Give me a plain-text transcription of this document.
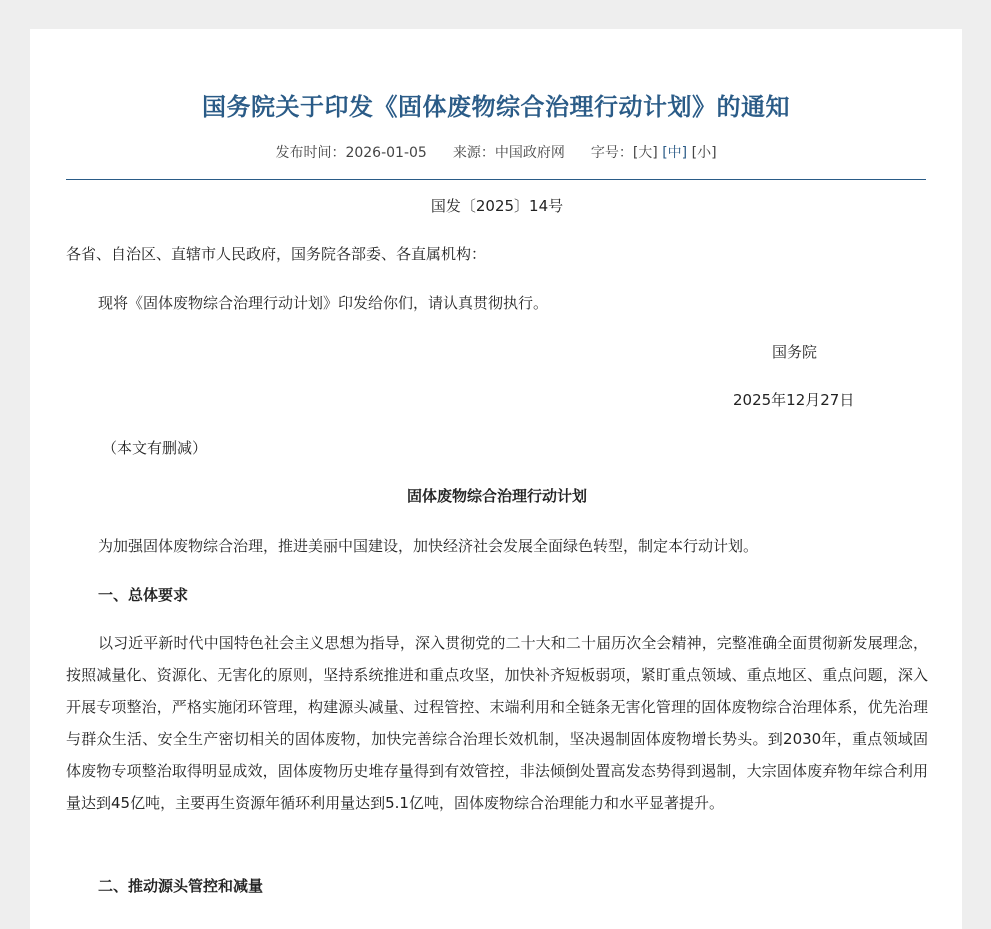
国务院关于印发《固体废物综合治理行动计划》的通知
发布时间：2026-01-05 来源：中国政府网 字号：[大] [中] [小]
国发〔2025〕14号
各省、自治区、直辖市人民政府，国务院各部委、各直属机构：
现将《固体废物综合治理行动计划》印发给你们，请认真贯彻执行。
国务院
2025年12月27日
（本文有删减）
固体废物综合治理行动计划
为加强固体废物综合治理，推进美丽中国建设，加快经济社会发展全面绿色转型，制定本行动计划。
一、总体要求
以习近平新时代中国特色社会主义思想为指导，深入贯彻党的二十大和二十届历次全会精神，完整准确全面贯彻新发展理念，按照减量化、资源化、无害化的原则，坚持系统推进和重点攻坚，加快补齐短板弱项，紧盯重点领域、重点地区、重点问题，深入开展专项整治，严格实施闭环管理，构建源头减量、过程管控、末端利用和全链条无害化管理的固体废物综合治理体系，优先治理与群众生活、安全生产密切相关的固体废物，加快完善综合治理长效机制，坚决遏制固体废物增长势头。到2030年，重点领域固体废物专项整治取得明显成效，固体废物历史堆存量得到有效管控，非法倾倒处置高发态势得到遏制，大宗固体废弃物年综合利用量达到45亿吨，主要再生资源年循环利用量达到5.1亿吨，固体废物综合治理能力和水平显著提升。
二、推动源头管控和减量
